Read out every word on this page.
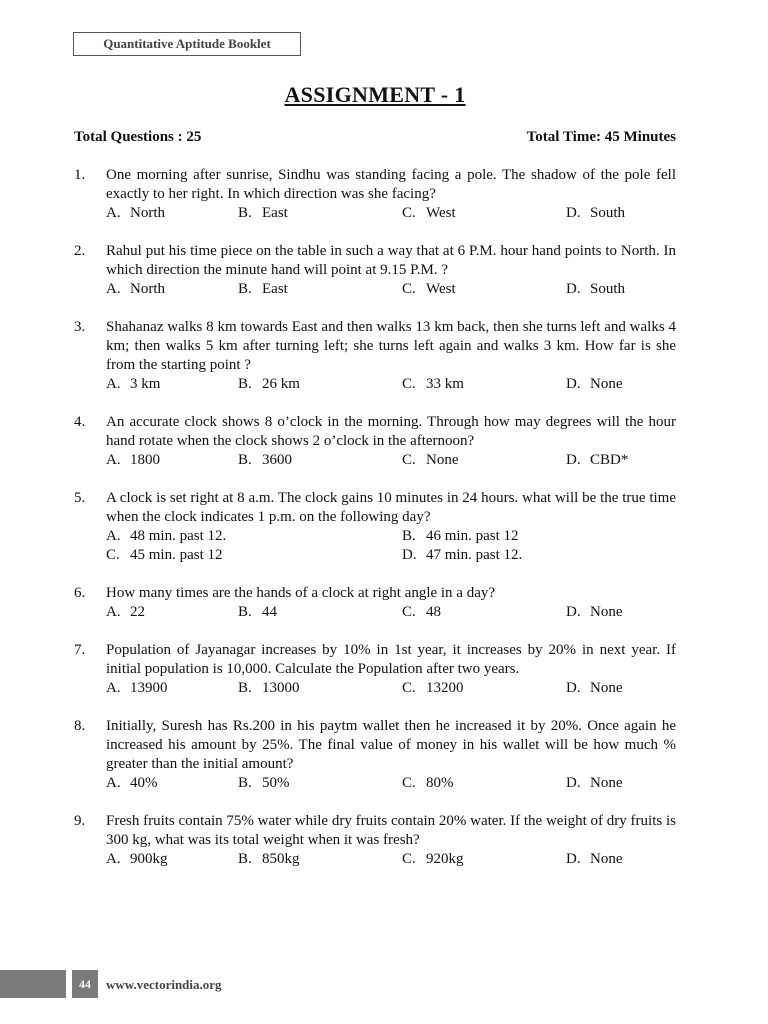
Quantitative Aptitude Booklet
ASSIGNMENT - 1
Total Questions : 25	Total Time: 45 Minutes
1. One morning after sunrise, Sindhu was standing facing a pole. The shadow of the pole fell exactly to her right. In which direction was she facing?
A. North	B. East	C. West	D. South
2. Rahul put his time piece on the table in such a way that at 6 P.M. hour hand points to North. In which direction the minute hand will point at 9.15 P.M. ?
A. North	B. East	C. West	D. South
3. Shahanaz walks 8 km towards East and then walks 13 km back, then she turns left and walks 4 km; then walks 5 km after turning left; she turns left again and walks 3 km. How far is she from the starting point ?
A. 3 km	B. 26 km	C. 33 km	D. None
4. An accurate clock shows 8 o’clock in the morning. Through how may degrees will the hour hand rotate when the clock shows 2 o’clock in the afternoon?
A. 1800	B. 3600	C. None	D. CBD*
5. A clock is set right at 8 a.m. The clock gains 10 minutes in 24 hours. what will be the true time when the clock indicates 1 p.m. on the following day?
A. 48 min. past 12.	B. 46 min. past 12
C. 45 min. past 12	D. 47 min. past 12.
6. How many times are the hands of a clock at right angle in a day?
A. 22	B. 44	C. 48	D. None
7. Population of Jayanagar increases by 10% in 1st year, it increases by 20% in next year. If initial population is 10,000. Calculate the Population after two years.
A. 13900	B. 13000	C. 13200	D. None
8. Initially, Suresh has Rs.200 in his paytm wallet then he increased it by 20%. Once again he increased his amount by 25%. The final value of money in his wallet will be how much % greater than the initial amount?
A. 40%	B. 50%	C. 80%	D. None
9. Fresh fruits contain 75% water while dry fruits contain 20% water. If the weight of dry fruits is 300 kg, what was its total weight when it was fresh?
A. 900kg	B. 850kg	C. 920kg	D. None
44	www.vectorindia.org
